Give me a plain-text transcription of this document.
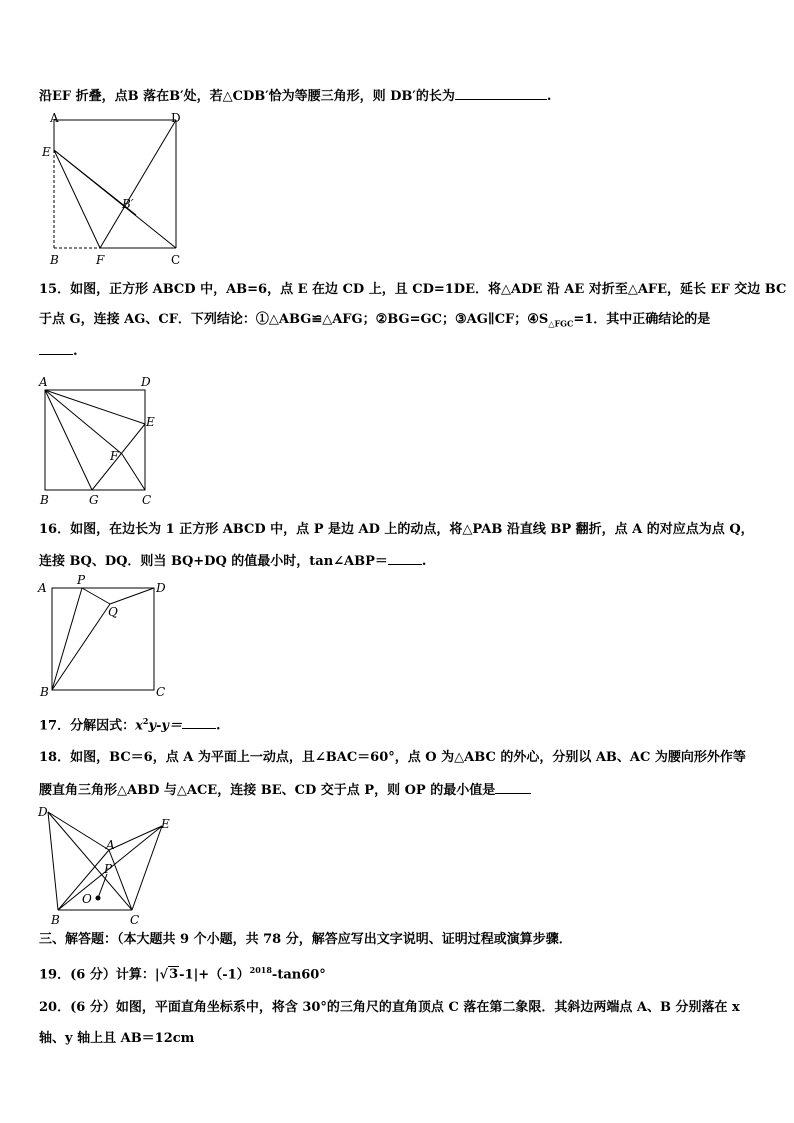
沿EF 折叠，点B 落在B′处，若△CDB′恰为等腰三角形，则 DB′的长为	.
A	D
E
B′
B	F	C
15．如图，正方形 ABCD 中，AB=6，点 E 在边 CD 上，且 CD=1DE．将△ADE 沿 AE 对折至△AFE，延长 EF 交边 BC
于点 G，连接 AG、CF．下列结论：①△ABG≌△AFG；②BG=GC；③AG∥CF；$④S_{\triangle FGC}=1$．其中正确结论的是
.
A	D
E
F
B	G	C
16．如图，在边长为 1 正方形 ABCD 中，点 P 是边 AD 上的动点，将△PAB 沿直线 BP 翻折，点 A 的对应点为点 Q，
连接 BQ、DQ．则当 BQ+DQ 的值最小时，tan∠ABP＝	.
A
P
D
Q
B	C
17．分解因式：$x^2y-y=$	.
18．如图，BC＝6，点 A 为平面上一动点，且∠BAC＝60°，点 O 为△ABC 的外心，分别以 AB、AC 为腰向形外作等
腰直角三角形△ABD 与△ACE，连接 BE、CD 交于点 P，则 OP 的最小值是
D
E
A
P
O
B	C
三、解答题：（本大题共 9 个小题，共 78 分，解答应写出文字说明、证明过程或演算步骤．
19．(6 分）计算：$|√3-1|+(-1)^{2018}-\tan 60^\circ$
20．(6 分）如图，平面直角坐标系中，将含 30°的三角尺的直角顶点 C 落在第二象限．其斜边两端点 A、B 分别落在 x
轴、y 轴上且 AB＝12cm
